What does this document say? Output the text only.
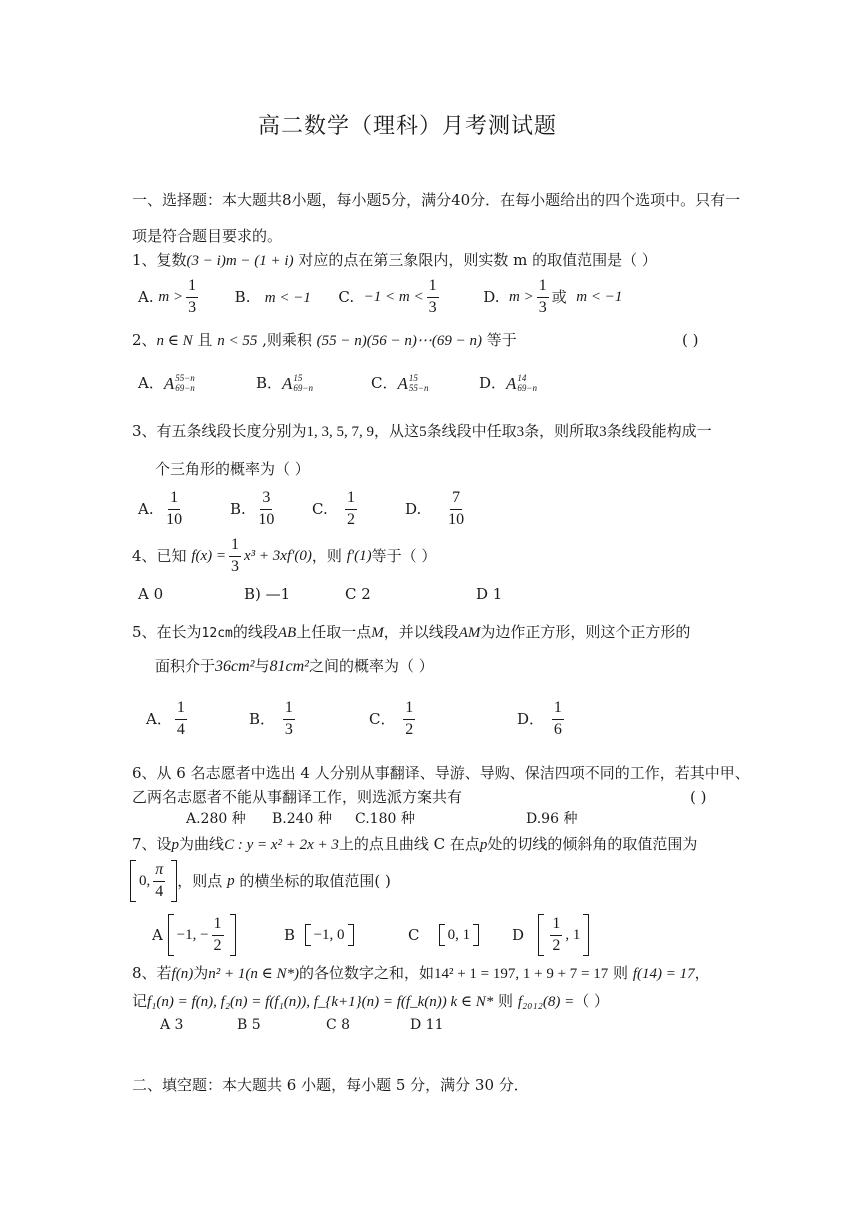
高二数学（理科）月考测试题
一、选择题：本大题共8小题，每小题5分，满分40分．在每小题给出的四个选项中。只有一
项是符合题目要求的。
1、复数(3 − i)m − (1 + i) 对应的点在第三象限内，则实数 m 的取值范围是（ ）
A.
$m > \frac{1}{3} B$. m < −1 C.
$-1 < m < \frac{1}{3}$
	D.
$m > \frac{1}{3}$ 或
m < −1
2、n ∈ N 且 n < 55 ,则乘积 (55 − n)(56 − n)⋯(69 − n) 等于	( )
A． A 55−n
69−n	B． A 15
69−n	C． A 15
55−n	D． A 14
69−n
3、有五条线段长度分别为1, 3, 5, 7, 9，从这5条线段中任取3条，则所取3条线段能构成一
个三角形的概率为（ ）
A.
$\frac{1}{10}$	B.
$\frac{3}{10}$	C.
$\frac{1}{2}$	D.
$\frac{7}{10}$
4、已知
$f(x) = \frac{1}{3} x^3 + 3xf'(0)$ ，则
f′(1) 等于（ ）
A 0	B) —1	C 2	D 1
5、在长为12cm的线段AB上任取一点M，并以线段AM为边作正方形，则这个正方形的
面积介于36cm²与81cm²之间的概率为（ ）
A． $\frac{1}{4}$	B．
$\frac{1}{3}$	C．
$\frac{1}{2}$	D．
$\frac{1}{6}$
6、从 6 名志愿者中选出 4 人分别从事翻译、导游、导购、保洁四项不同的工作，若其中甲、
乙两名志愿者不能从事翻译工作，则选派方案共有	( )
A.280 种 B.240 种 C.180 种	D.96 种
7、设p为曲线C : y = x² + 2x + 3上的点且曲线 C 在点p处的切线的倾斜角的取值范围为
0, $\frac{\pi}{4}$ ，则点
p
的横坐标的取值范围( )
A
−1, − $\frac{1}{2}$	B
−1, 0	C
0, 1	D
$\frac{1}{2}$ , 1
8、若f(n)为n² + 1(n ∈ N*)的各位数字之和，如14² + 1 = 197, 1 + 9 + 7 = 17 则 f(14) = 17，
记f₁(n) = f(n), f₂(n) = f(f₁(n)), f_{k+1}(n) = f(f_k(n)) k ∈ N* 则 f₂₀₁₂(8) =（ ）
A 3	B 5	C 8	D 11
二、填空题：本大题共 6 小题，每小题 5 分，满分 30 分．
